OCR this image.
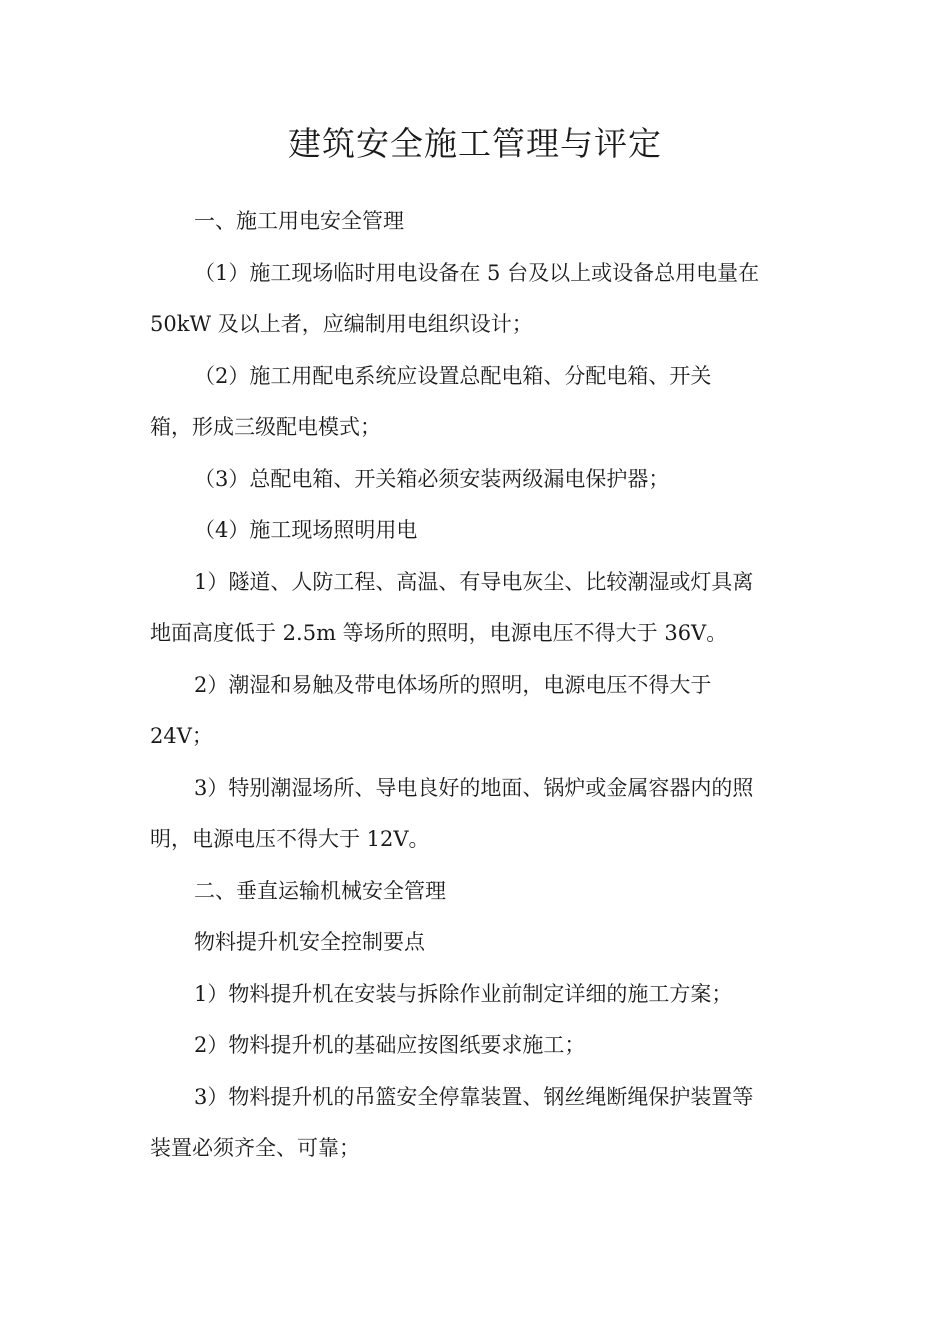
建筑安全施工管理与评定
一、施工用电安全管理
（1）施工现场临时用电设备在 5 台及以上或设备总用电量在
50kW 及以上者，应编制用电组织设计；
（2）施工用配电系统应设置总配电箱、分配电箱、开关
箱，形成三级配电模式；
（3）总配电箱、开关箱必须安装两级漏电保护器；
（4）施工现场照明用电
1）隧道、人防工程、高温、有导电灰尘、比较潮湿或灯具离
地面高度低于 2.5m 等场所的照明，电源电压不得大于 36V。
2）潮湿和易触及带电体场所的照明，电源电压不得大于
24V；
3）特别潮湿场所、导电良好的地面、锅炉或金属容器内的照
明，电源电压不得大于 12V。
二、垂直运输机械安全管理
物料提升机安全控制要点
1）物料提升机在安装与拆除作业前制定详细的施工方案；
2）物料提升机的基础应按图纸要求施工；
3）物料提升机的吊篮安全停靠装置、钢丝绳断绳保护装置等
装置必须齐全、可靠；
